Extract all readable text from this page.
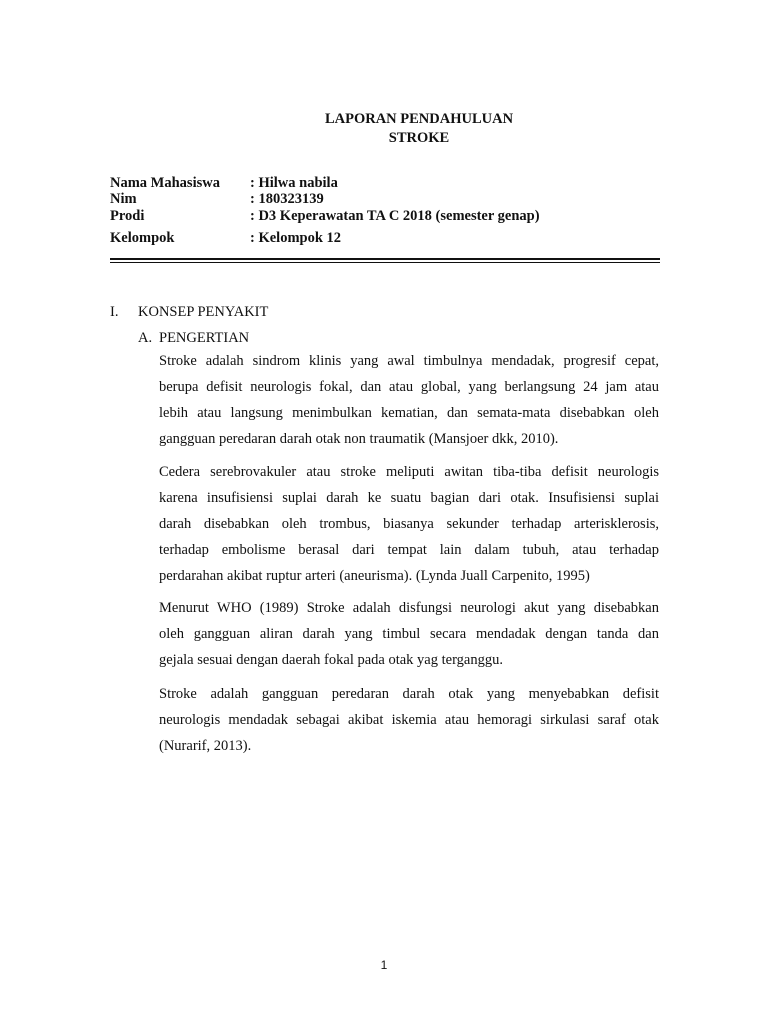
LAPORAN PENDAHULUAN
STROKE
Nama Mahasiswa : Hilwa nabila
Nim	: 180323139
Prodi	: D3 Keperawatan TA C 2018 (semester genap)
Kelompok	: Kelompok 12
I. KONSEP PENYAKIT
A. PENGERTIAN
Stroke adalah sindrom klinis yang awal timbulnya mendadak, progresif cepat,
berupa defisit neurologis fokal, dan atau global, yang berlangsung 24 jam atau
lebih atau langsung menimbulkan kematian, dan semata-mata disebabkan oleh
gangguan peredaran darah otak non traumatik (Mansjoer dkk, 2010).
Cedera serebrovakuler atau stroke meliputi awitan tiba-tiba defisit neurologis
karena insufisiensi suplai darah ke suatu bagian dari otak. Insufisiensi suplai
darah disebabkan oleh trombus, biasanya sekunder terhadap arterisklerosis,
terhadap embolisme berasal dari tempat lain dalam tubuh, atau terhadap
perdarahan akibat ruptur arteri (aneurisma). (Lynda Juall Carpenito, 1995)
Menurut WHO (1989) Stroke adalah disfungsi neurologi akut yang disebabkan
oleh gangguan aliran darah yang timbul secara mendadak dengan tanda dan
gejala sesuai dengan daerah fokal pada otak yag terganggu.
Stroke adalah gangguan peredaran darah otak yang menyebabkan defisit
neurologis mendadak sebagai akibat iskemia atau hemoragi sirkulasi saraf otak
(Nurarif, 2013).
1
